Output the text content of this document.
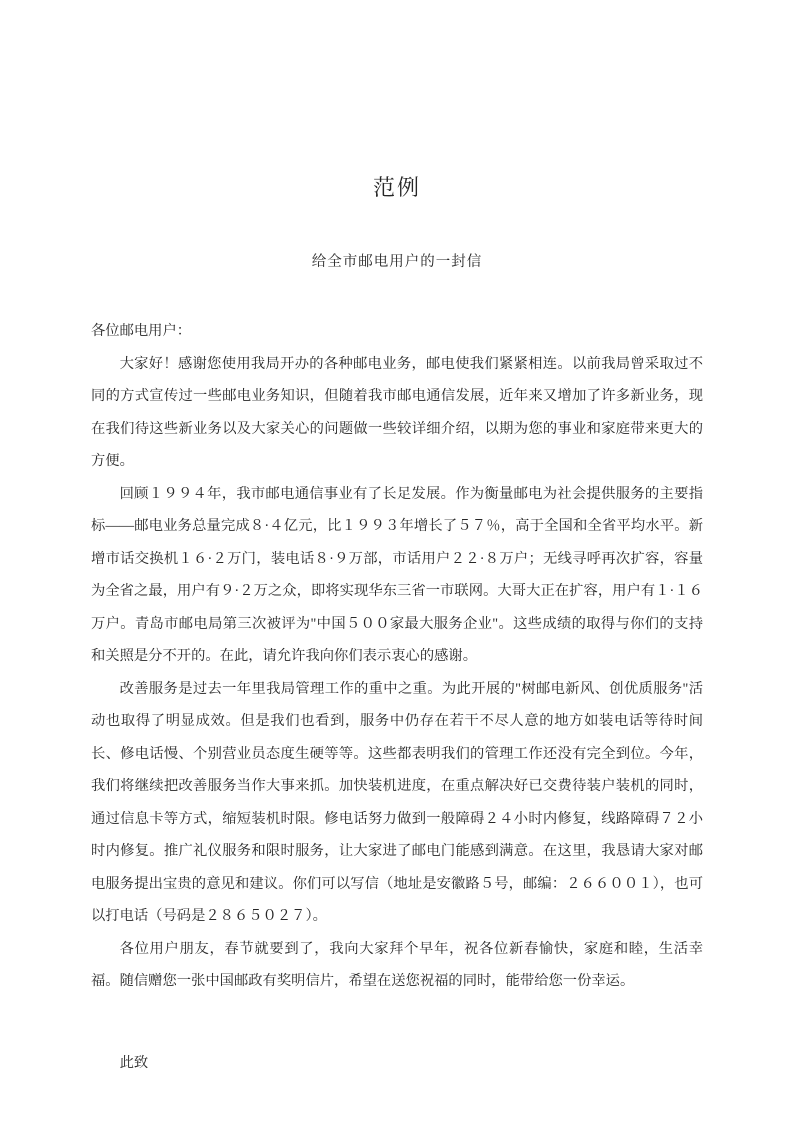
范例
给全市邮电用户的一封信

各位邮电用户：

大家好！感谢您使用我局开办的各种邮电业务，邮电使我们紧紧相连。以前我局曾采取过不同的方式宣传过一些邮电业务知识，但随着我市邮电通信发展，近年来又增加了许多新业务，现在我们待这些新业务以及大家关心的问题做一些较详细介绍，以期为您的事业和家庭带来更大的方便。

回顾１９９４年，我市邮电通信事业有了长足发展。作为衡量邮电为社会提供服务的主要指标——邮电业务总量完成８·４亿元，比１９９３年增长了５７％，高于全国和全省平均水平。新增市话交换机１６·２万门，装电话８·９万部，市话用户２２·８万户；无线寻呼再次扩容，容量为全省之最，用户有９·２万之众，即将实现华东三省一市联网。大哥大正在扩容，用户有１·１６万户。青岛市邮电局第三次被评为"中国５００家最大服务企业"。这些成绩的取得与你们的支持和关照是分不开的。在此，请允许我向你们表示衷心的感谢。

改善服务是过去一年里我局管理工作的重中之重。为此开展的"树邮电新风、创优质服务"活动也取得了明显成效。但是我们也看到，服务中仍存在若干不尽人意的地方如装电话等待时间长、修电话慢、个别营业员态度生硬等等。这些都表明我们的管理工作还没有完全到位。今年，我们将继续把改善服务当作大事来抓。加快装机进度，在重点解决好已交费待装户装机的同时，通过信息卡等方式，缩短装机时限。修电话努力做到一般障碍２４小时内修复，线路障碍７２小时内修复。推广礼仪服务和限时服务，让大家进了邮电门能感到满意。在这里，我恳请大家对邮电服务提出宝贵的意见和建议。你们可以写信（地址是安徽路５号，邮编：２６６００１），也可以打电话（号码是２８６５０２７）。

各位用户朋友，春节就要到了，我向大家拜个早年，祝各位新春愉快，家庭和睦，生活幸福。随信赠您一张中国邮政有奖明信片，希望在送您祝福的同时，能带给您一份幸运。

此致
